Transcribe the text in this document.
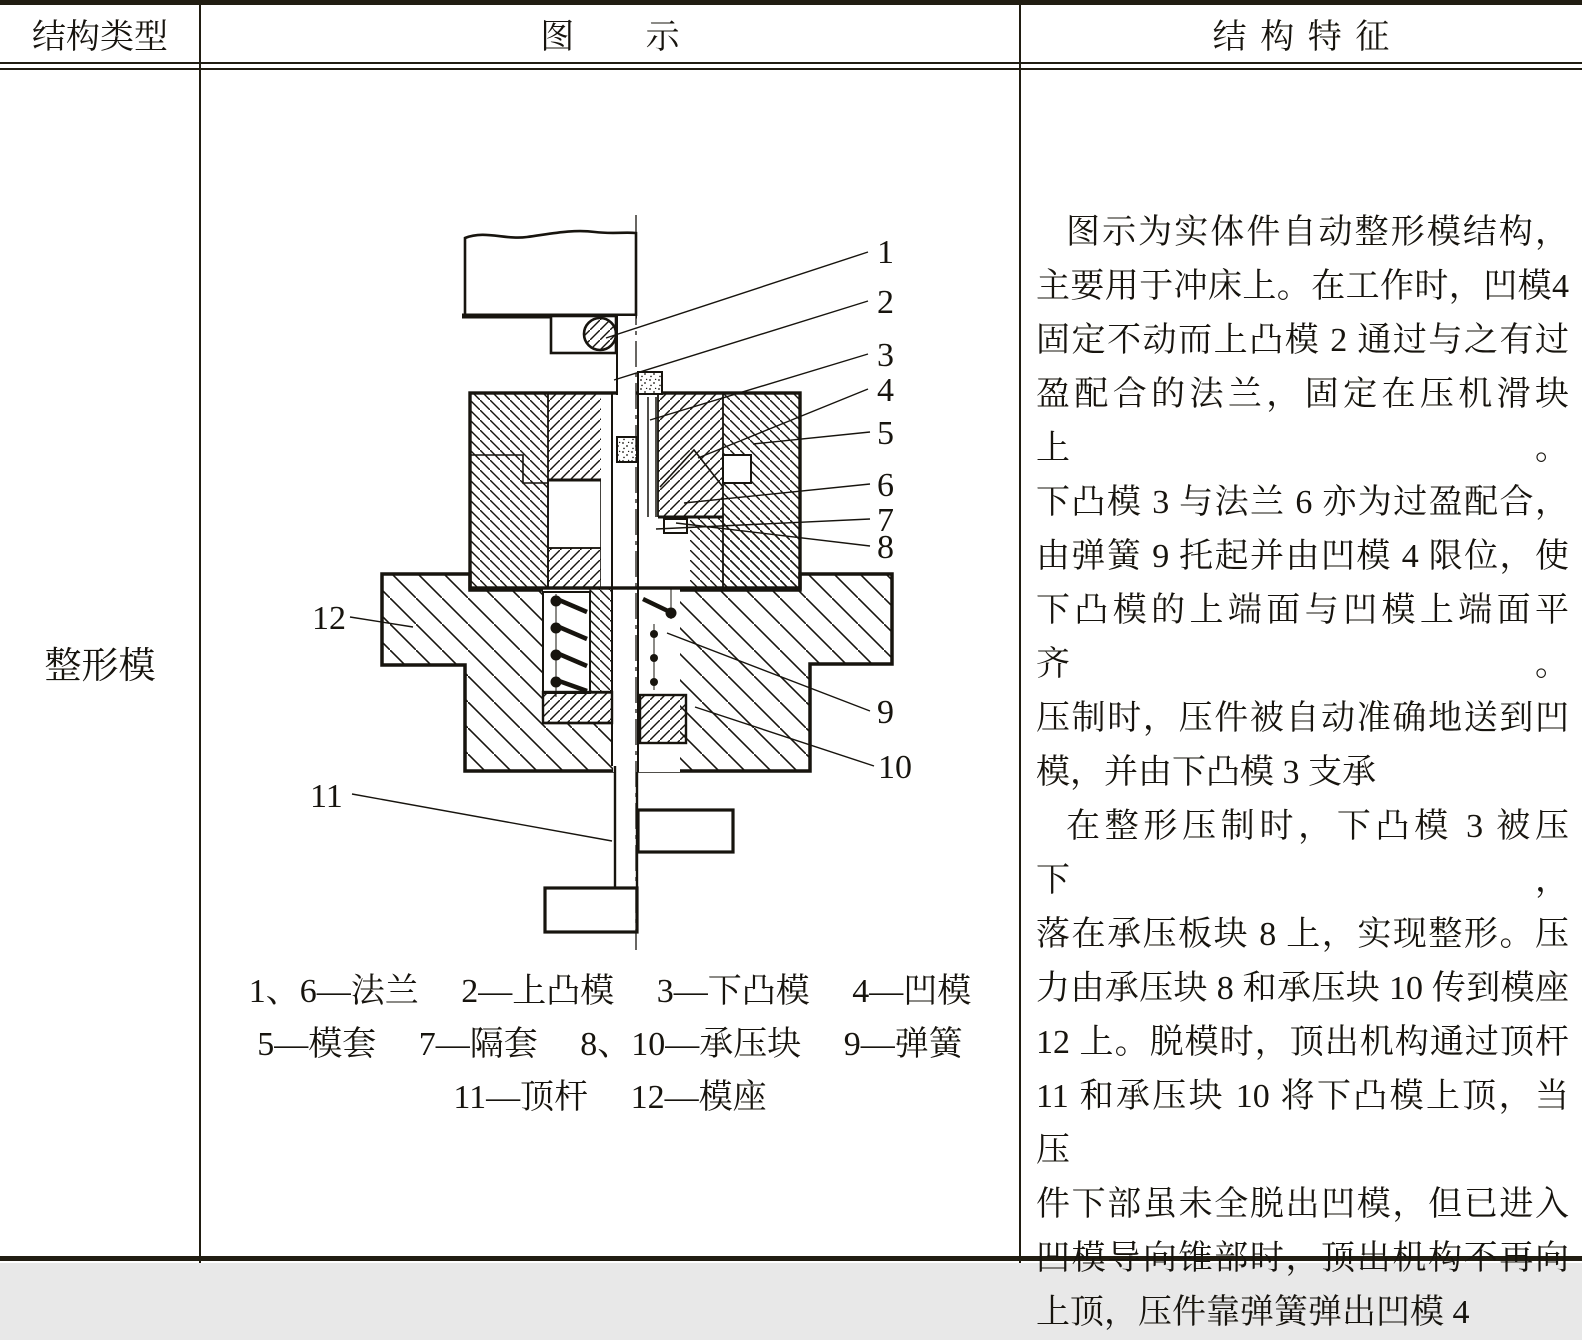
结构类型	图　示	结构特征
整形模
1
2
3
4
5
6
7
8
9
10
11
12
1、6—法兰　 2—上凸模　 3—下凸模　 4—凹模
5—模套　 7—隔套　 8、10—承压块　 9—弹簧
11—顶杆　 12—模座
图示为实体件自动整形模结构，
主要用于冲床上。在工作时，凹模4
固定不动而上凸模 2 通过与之有过
盈配合的法兰，固定在压机滑块上。
下凸模 3 与法兰 6 亦为过盈配合，
由弹簧 9 托起并由凹模 4 限位，使
下凸模的上端面与凹模上端面平齐。
压制时，压件被自动准确地送到凹
模，并由下凸模 3 支承
在整形压制时，下凸模 3 被压下，
落在承压板块 8 上，实现整形。压
力由承压块 8 和承压块 10 传到模座
12 上。脱模时，顶出机构通过顶杆
11 和承压块 10 将下凸模上顶，当压
件下部虽未全脱出凹模，但已进入
凹模导向锥部时，顶出机构不再向
上顶，压件靠弹簧弹出凹模 4
